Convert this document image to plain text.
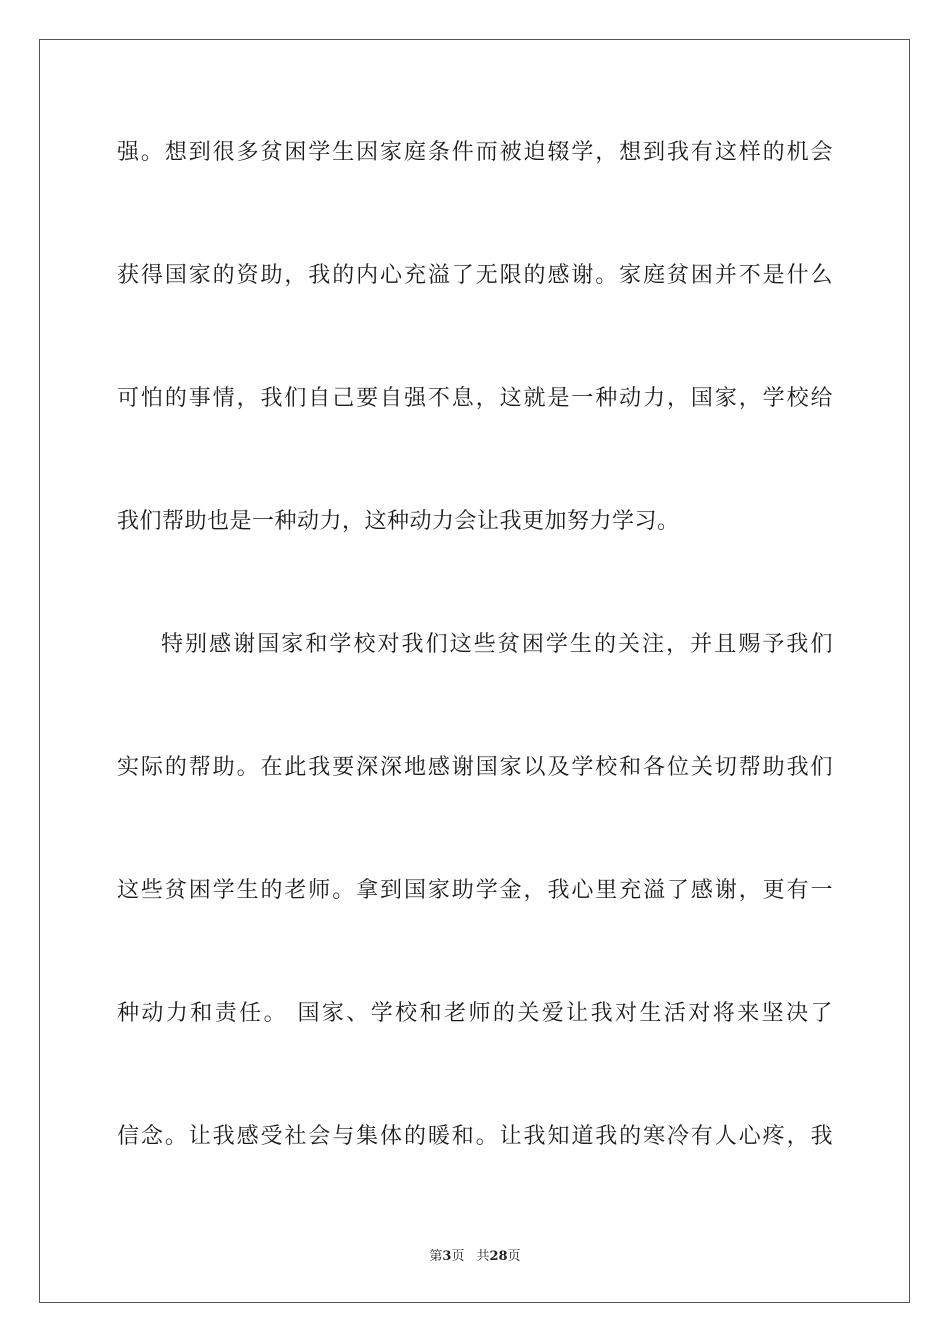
强。想到很多贫困学生因家庭条件而被迫辍学，想到我有这样的机会
获得国家的资助，我的内心充溢了无限的感谢。家庭贫困并不是什么
可怕的事情，我们自己要自强不息，这就是一种动力，国家，学校给
我们帮助也是一种动力，这种动力会让我更加努力学习。
特别感谢国家和学校对我们这些贫困学生的关注，并且赐予我们
实际的帮助。在此我要深深地感谢国家以及学校和各位关切帮助我们
这些贫困学生的老师。拿到国家助学金，我心里充溢了感谢，更有一
种动力和责任。 国家、学校和老师的关爱让我对生活对将来坚决了
信念。让我感受社会与集体的暖和。让我知道我的寒冷有人心疼，我
第3页 共28页
